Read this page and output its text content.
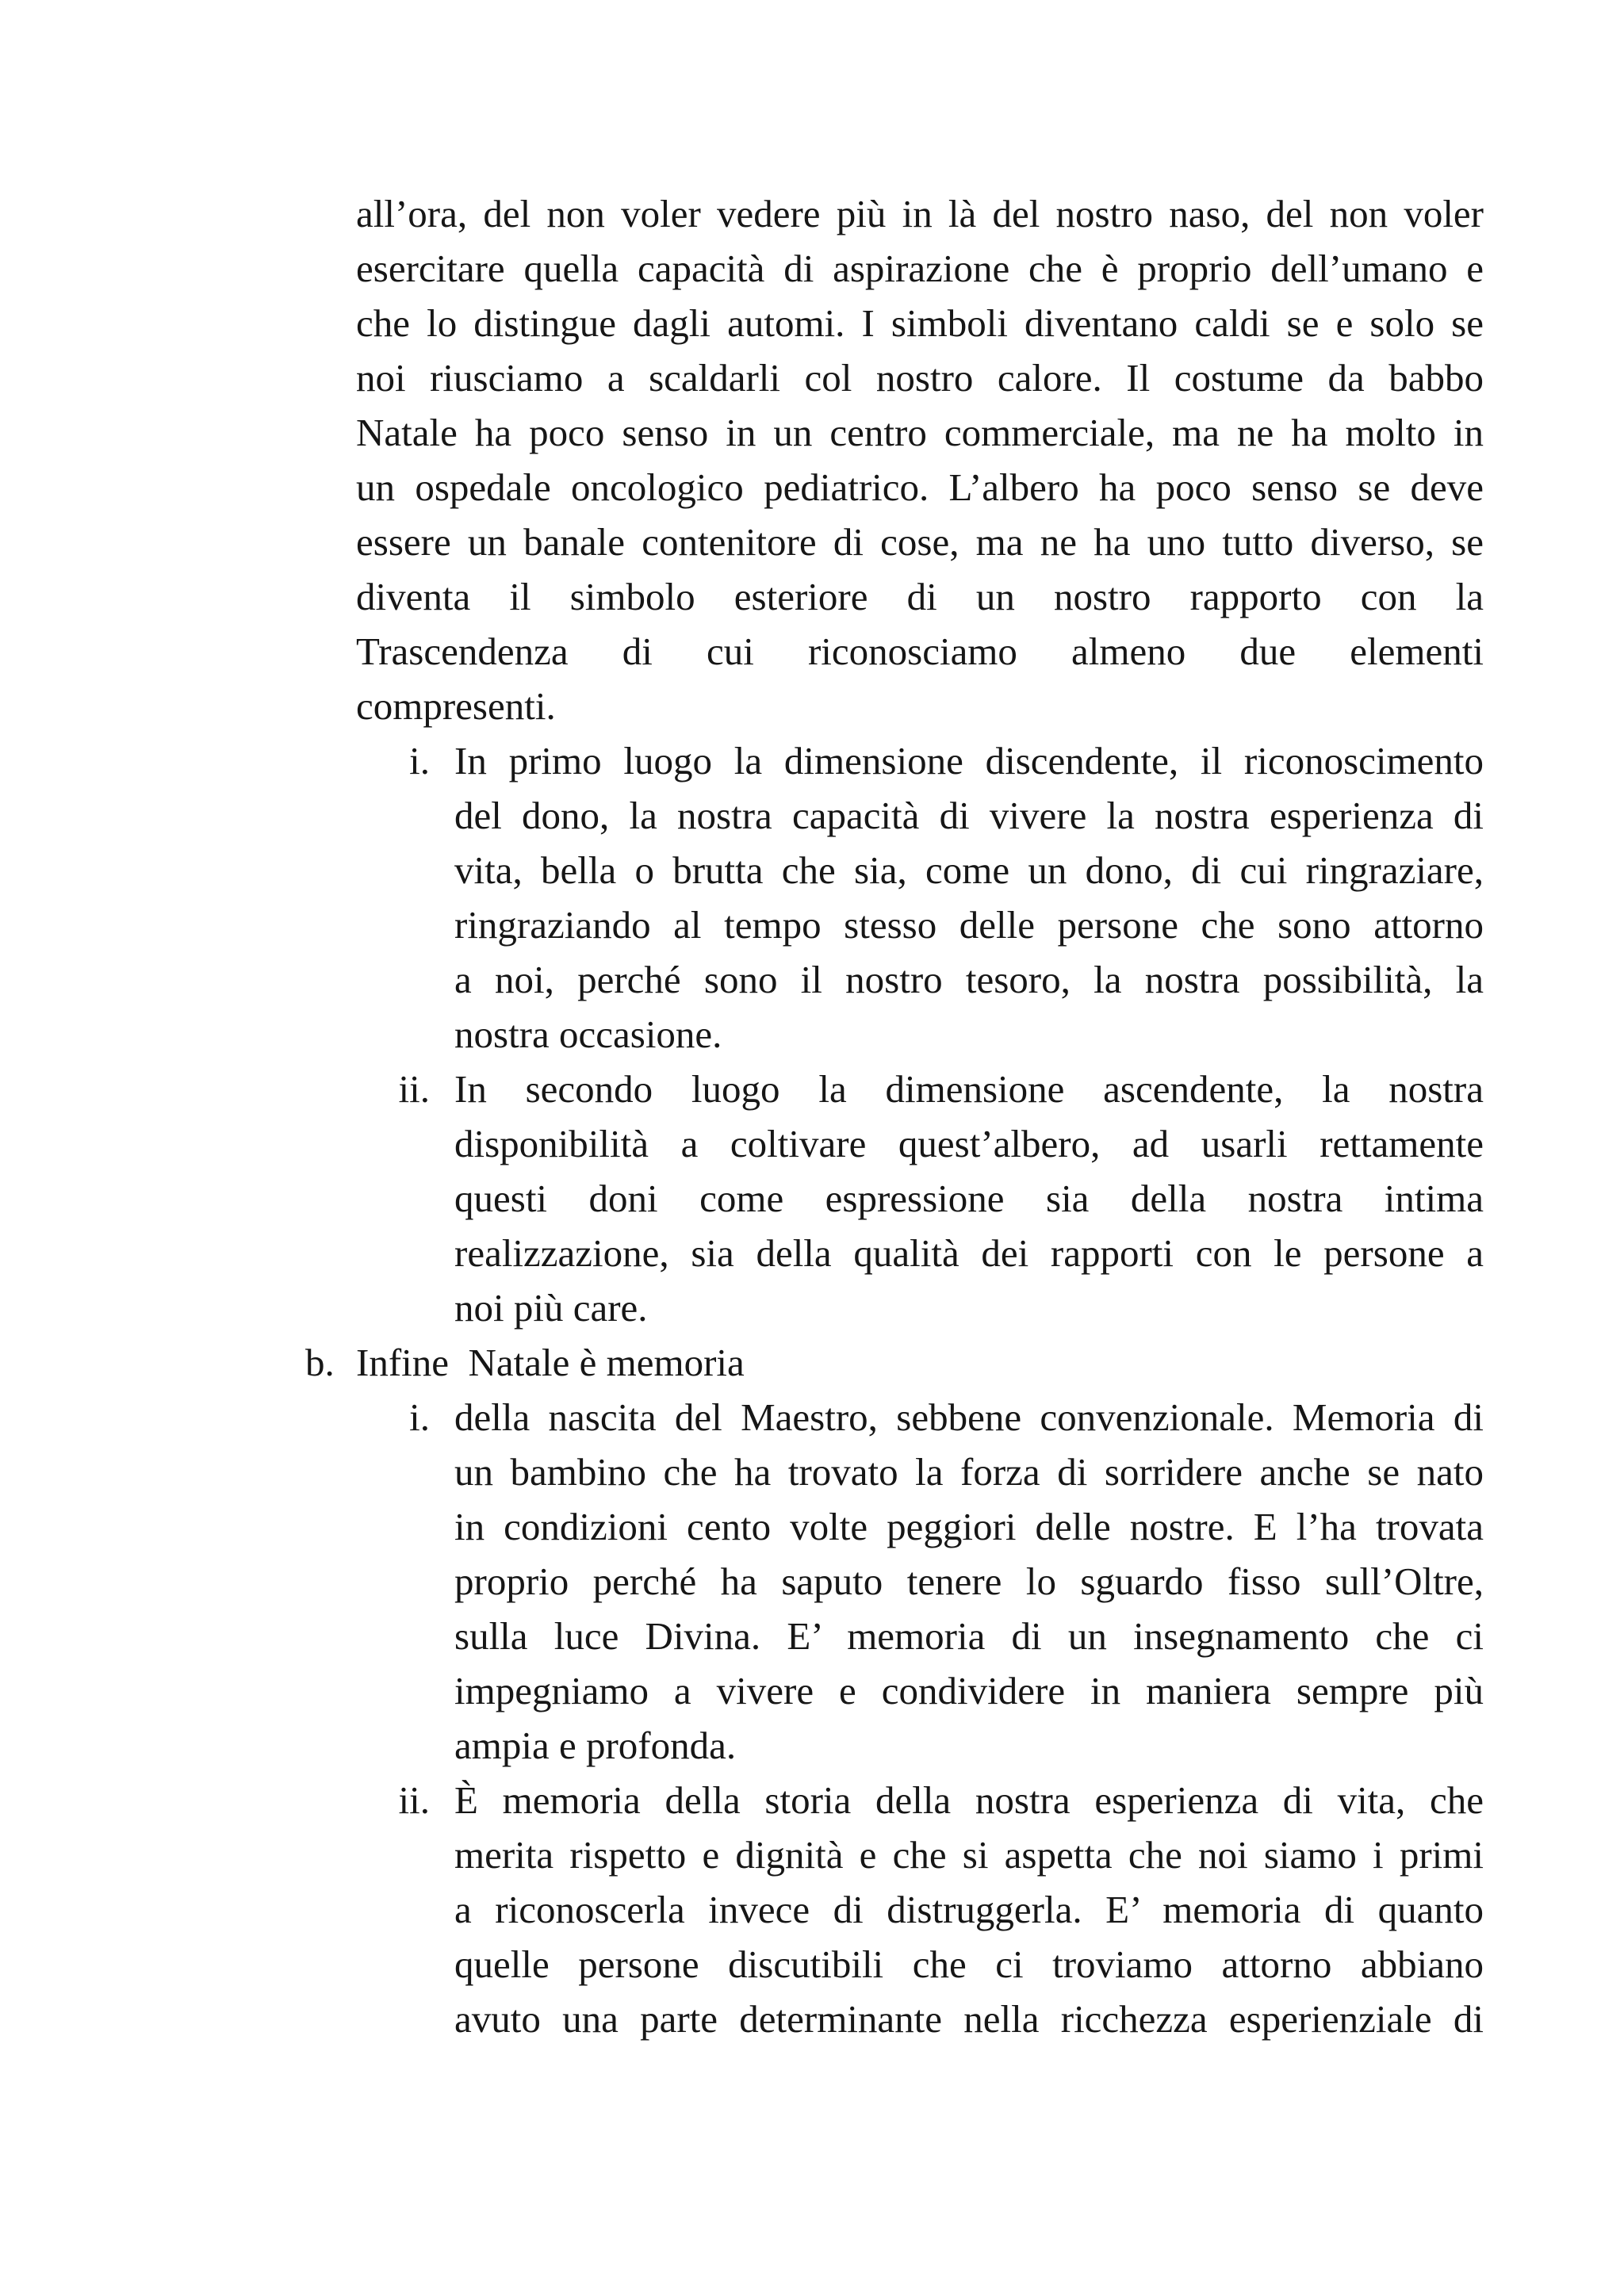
all’ora, del non voler vedere più in là del nostro naso, del non voler
esercitare quella capacità di aspirazione che è proprio dell’umano e
che lo distingue dagli automi. I simboli diventano caldi se e solo se
noi riusciamo a scaldarli col nostro calore. Il costume da babbo
Natale ha poco senso in un centro commerciale, ma ne ha molto in
un ospedale oncologico pediatrico. L’albero ha poco senso se deve
essere un banale contenitore di cose, ma ne ha uno tutto diverso, se
diventa il simbolo esteriore di un nostro rapporto con la
Trascendenza di cui riconosciamo almeno due elementi
compresenti.
i. In primo luogo la dimensione discendente, il riconoscimento
del dono, la nostra capacità di vivere la nostra esperienza di
vita, bella o brutta che sia, come un dono, di cui ringraziare,
ringraziando al tempo stesso delle persone che sono attorno
a noi, perché sono il nostro tesoro, la nostra possibilità, la
nostra occasione.
ii. In secondo luogo la dimensione ascendente, la nostra
disponibilità a coltivare quest’albero, ad usarli rettamente
questi doni come espressione sia della nostra intima
realizzazione, sia della qualità dei rapporti con le persone a
noi più care.
b. Infine  Natale è memoria
i. della nascita del Maestro, sebbene convenzionale. Memoria di
un bambino che ha trovato la forza di sorridere anche se nato
in condizioni cento volte peggiori delle nostre. E l’ha trovata
proprio perché ha saputo tenere lo sguardo fisso sull’Oltre,
sulla luce Divina. E’ memoria di un insegnamento che ci
impegniamo a vivere e condividere in maniera sempre più
ampia e profonda.
ii. È memoria della storia della nostra esperienza di vita, che
merita rispetto e dignità e che si aspetta che noi siamo i primi
a riconoscerla invece di distruggerla. E’ memoria di quanto
quelle persone discutibili che ci troviamo attorno abbiano
avuto una parte determinante nella ricchezza esperienziale di
